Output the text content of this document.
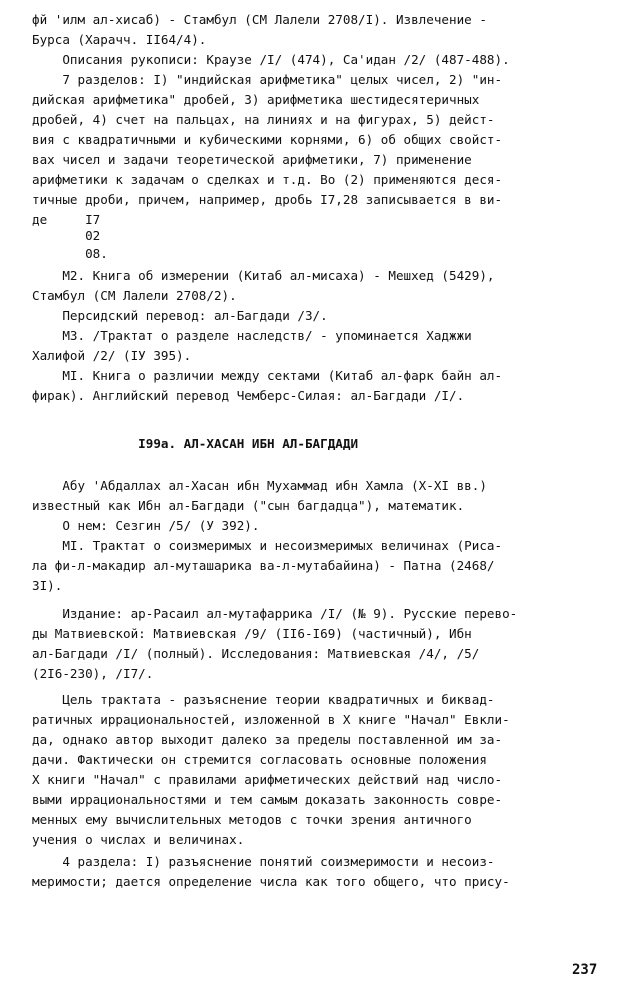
фй 'илм ал-хисаб) - Стамбул (СМ Лалели 2708/I). Извлечение -

Бурса (Харачч. II64/4).

Описания рукописи: Краузе /I/ (474), Са'идан /2/ (487-488).

7 разделов: I) "индийская арифметика" целых чисел, 2) "ин-

дийская арифметика" дробей, 3) арифметика шестидесятеричных

дробей, 4) счет на пальцах, на линиях и на фигурах, 5) дейст-

вия с квадратичными и кубическими корнями, 6) об общих свойст-

вах чисел и задачи теоретической арифметики, 7) применение

арифметики к задачам о сделках и т.д. Во (2) применяются деся-

тичные дроби, причем, например, дробь I7,28 записывается в ви-

де     I7

02

08.

M2. Книга об измерении (Китаб ал-мисаха) - Мешхед (5429),

Стамбул (СМ Лалели 2708/2).

Персидский перевод: ал-Багдади /3/.

M3. /Трактат о разделе наследств/ - упоминается Хаджжи

Халифой /2/ (IУ 395).

MI. Книга о различии между сектами (Китаб ал-фарк байн ал-

фирак). Английский перевод Чемберс-Силая: ал-Багдади /I/.

I99a. АЛ-ХАСАН ИБН АЛ-БАГДАДИ

Абу 'Абдаллах ал-Хасан ибн Мухаммад ибн Хамла (X-XI вв.)

известный как Ибн ал-Багдади ("сын багдадца"), математик.

О нем: Сезгин /5/ (У 392).

MI. Трактат о соизмеримых и несоизмеримых величинах (Риса-

ла фи-л-макадир ал-муташарика ва-л-мутабайина) - Патна (2468/

3I).

Издание: ар-Расаил ал-мутафаррика /I/ (№ 9). Русские перево-

ды Матвиевской: Матвиевская /9/ (II6-I69) (частичный), Ибн

ал-Багдади /I/ (полный). Исследования: Матвиевская /4/, /5/

(2I6-230), /I7/.

Цель трактата - разъяснение теории квадратичных и биквад-

ратичных иррациональностей, изложенной в X книге "Начал" Евкли-

да, однако автор выходит далеко за пределы поставленной им за-

дачи. Фактически он стремится согласовать основные положения

X книги "Начал" с правилами арифметических действий над числo-

выми иррациональностями и тем самым доказать законность совре-

менных ему вычислительных методов с точки зрения античного

учения о числах и величинах.

4 раздела: I) разъяснение понятий соизмеримости и несоиз-

меримости; дается определение числа как того общего, что прису-

237
